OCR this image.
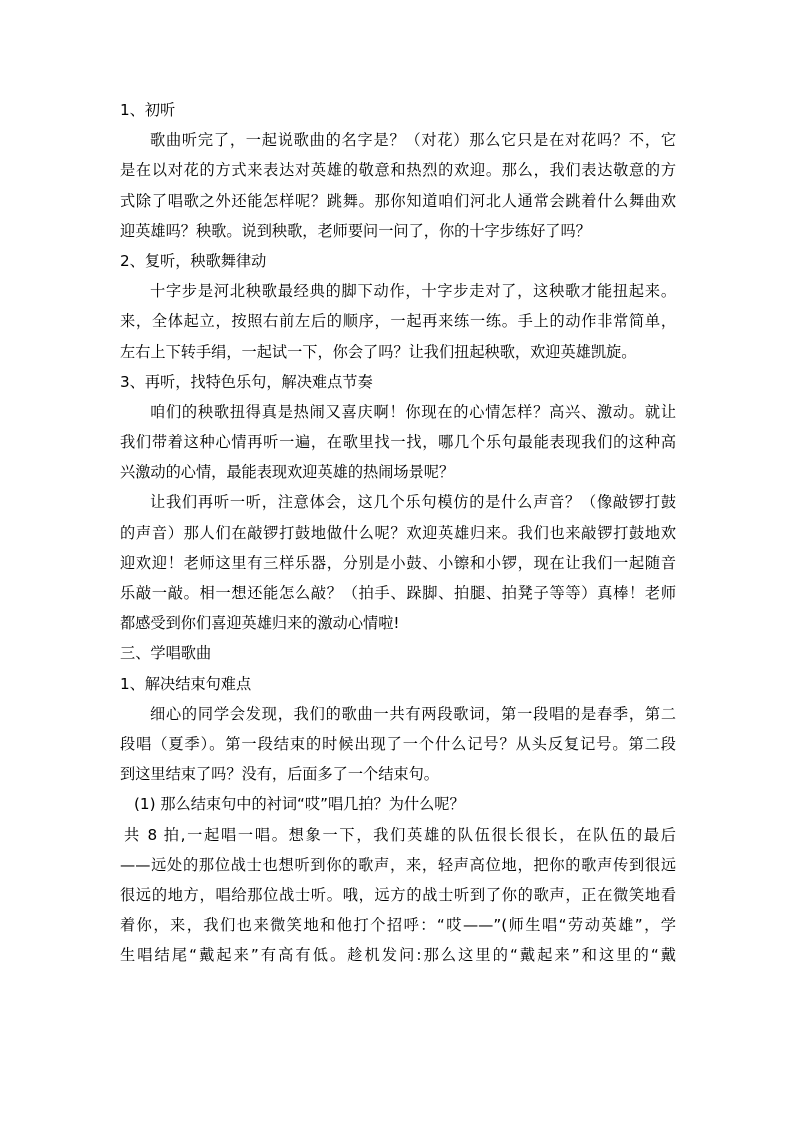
1、初听
歌曲听完了，一起说歌曲的名字是？（对花）那么它只是在对花吗？不，它
是在以对花的方式来表达对英雄的敬意和热烈的欢迎。那么，我们表达敬意的方
式除了唱歌之外还能怎样呢？跳舞。那你知道咱们河北人通常会跳着什么舞曲欢
迎英雄吗？秧歌。说到秧歌，老师要问一问了，你的十字步练好了吗？
2、复听，秧歌舞律动
十字步是河北秧歌最经典的脚下动作，十字步走对了，这秧歌才能扭起来。
来，全体起立，按照右前左后的顺序，一起再来练一练。手上的动作非常简单，
左右上下转手绢，一起试一下，你会了吗？让我们扭起秧歌，欢迎英雄凯旋。
3、再听，找特色乐句，解决难点节奏
咱们的秧歌扭得真是热闹又喜庆啊！你现在的心情怎样？高兴、激动。就让
我们带着这种心情再听一遍，在歌里找一找，哪几个乐句最能表现我们的这种高
兴激动的心情，最能表现欢迎英雄的热闹场景呢？
让我们再听一听，注意体会，这几个乐句模仿的是什么声音？（像敲锣打鼓
的声音）那人们在敲锣打鼓地做什么呢？欢迎英雄归来。我们也来敲锣打鼓地欢
迎欢迎！老师这里有三样乐器，分别是小鼓、小镲和小锣，现在让我们一起随音
乐敲一敲。相一想还能怎么敲？（拍手、跺脚、拍腿、拍凳子等等）真棒！老师
都感受到你们喜迎英雄归来的激动心情啦!
三、学唱歌曲
1、解决结束句难点
细心的同学会发现，我们的歌曲一共有两段歌词，第一段唱的是春季，第二
段唱（夏季）。第一段结束的时候出现了一个什么记号？从头反复记号。第二段
到这里结束了吗？没有，后面多了一个结束句。
(1) 那么结束句中的衬词“哎”唱几拍？为什么呢？
共 8 拍,一起唱一唱。想象一下，我们英雄的队伍很长很长，在队伍的最后
——远处的那位战士也想听到你的歌声，来，轻声高位地，把你的歌声传到很远
很远的地方，唱给那位战士听。哦，远方的战士听到了你的歌声，正在微笑地看
着你，来，我们也来微笑地和他打个招呼：“哎——”(师生唱“劳动英雄”，学
生唱结尾“戴起来”有高有低。趁机发问:那么这里的“戴起来”和这里的“戴
